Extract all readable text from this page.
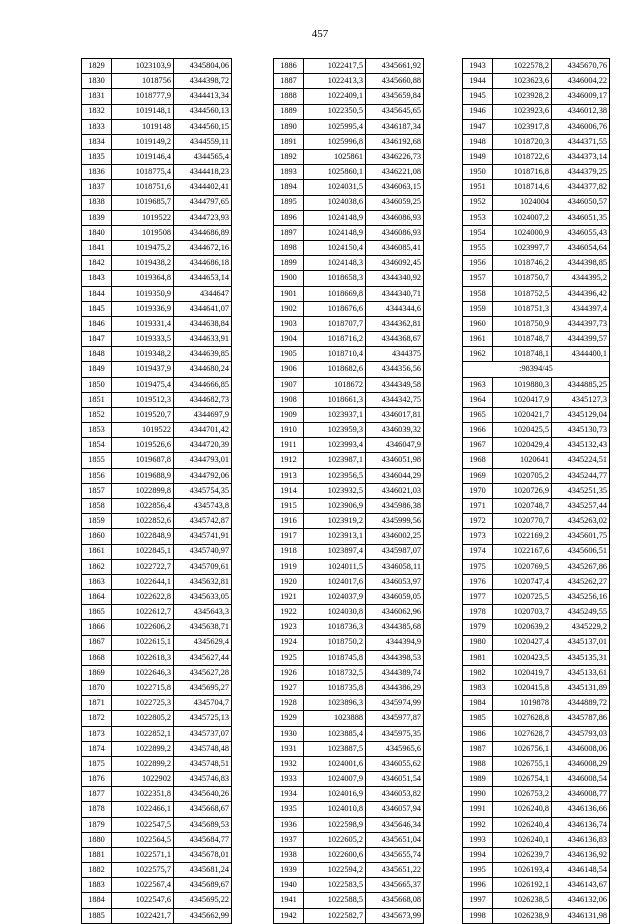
457
1829	1023103,9	4345804,06
1830	1018756	4344398,72
1831	1018777,9	4344413,34
1832	1019148,1	4344560,13
1833	1019148	4344560,15
1834	1019149,2	4344559,11
1835	1019146,4	4344565,4
1836	1018775,4	4344418,23
1837	1018751,6	4344402,41
1838	1019685,7	4344797,65
1839	1019522	4344723,93
1840	1019508	4344686,89
1841	1019475,2	4344672,16
1842	1019438,2	4344686,18
1843	1019364,8	4344653,14
1844	1019350,9	4344647
1845	1019336,9	4344641,07
1846	1019331,4	4344638,84
1847	1019333,5	4344633,91
1848	1019348,2	4344639,85
1849	1019437,9	4344680,24
1850	1019475,4	4344666,85
1851	1019512,3	4344682,73
1852	1019520,7	4344697,9
1853	1019522	4344701,42
1854	1019526,6	4344720,39
1855	1019687,8	4344793,01
1856	1019688,9	4344792,06
1857	1022899,8	4345754,35
1858	1022856,4	4345743,8
1859	1022852,6	4345742,87
1860	1022848,9	4345741,91
1861	1022845,1	4345740,97
1862	1022722,7	4345709,61
1863	1022644,1	4345632,81
1864	1022622,8	4345633,05
1865	1022612,7	4345643,3
1866	1022606,2	4345638,71
1867	1022615,1	4345629,4
1868	1022618,3	4345627,44
1869	1022646,3	4345627,28
1870	1022715,8	4345695,27
1871	1022725,3	4345704,7
1872	1022805,2	4345725,13
1873	1022852,1	4345737,07
1874	1022899,2	4345748,48
1875	1022899,2	4345748,51
1876	1022902	4345746,83
1877	1022351,8	4345640,26
1878	1022466,1	4345668,67
1879	1022547,5	4345689,53
1880	1022564,5	4345684,77
1881	1022571,1	4345678,01
1882	1022575,7	4345681,24
1883	1022567,4	4345689,67
1884	1022547,6	4345695,22
1885	1022421,7	4345662,99
1886	1022417,5	4345661,92
1887	1022413,3	4345660,88
1888	1022409,1	4345659,84
1889	1022350,5	4345645,65
1890	1025995,4	4346187,34
1891	1025996,8	4346192,68
1892	1025861	4346226,73
1893	1025860,1	4346221,08
1894	1024031,5	4346063,15
1895	1024038,6	4346059,25
1896	1024148,9	4346086,93
1897	1024148,9	4346086,93
1898	1024150,4	4346085,41
1899	1024148,3	4346092,45
1900	1018658,3	4344340,92
1901	1018669,8	4344340,71
1902	1018676,6	4344344,6
1903	1018707,7	4344362,81
1904	1018716,2	4344368,67
1905	1018710,4	4344375
1906	1018682,6	4344356,56
1907	1018672	4344349,58
1908	1018661,3	4344342,75
1909	1023937,1	4346017,81
1910	1023959,3	4346039,32
1911	1023993,4	4346047,9
1912	1023987,1	4346051,98
1913	1023956,5	4346044,29
1914	1023932,5	4346021,03
1915	1023906,9	4345986,38
1916	1023919,2	4345999,56
1917	1023913,1	4346002,25
1918	1023897,4	4345987,07
1919	1024011,5	4346058,11
1920	1024017,6	4346053,97
1921	1024037,9	4346059,05
1922	1024030,8	4346062,96
1923	1018736,3	4344385,68
1924	1018750,2	4344394,9
1925	1018745,8	4344398,53
1926	1018732,5	4344389,74
1927	1018735,8	4344386,29
1928	1023896,3	4345974,99
1929	1023888	4345977,87
1930	1023885,4	4345975,35
1931	1023887,5	4345965,6
1932	1024001,6	4346055,62
1933	1024007,9	4346051,54
1934	1024016,9	4346053,82
1935	1024010,8	4346057,94
1936	1022598,9	4345646,34
1937	1022605,2	4345651,04
1938	1022600,6	4345655,74
1939	1022594,2	4345651,22
1940	1022583,5	4345665,37
1941	1022588,5	4345668,08
1942	1022582,7	4345673,99
1943	1022578,2	4345670,76
1944	1023623,6	4346004,22
1945	1023928,2	4346009,17
1946	1023923,6	4346012,38
1947	1023917,8	4346006,76
1948	1018720,3	4344371,55
1949	1018722,6	4344373,14
1950	1018716,8	4344379,25
1951	1018714,6	4344377,82
1952	1024004	4346050,57
1953	1024007,2	4346051,35
1954	1024000,9	4346055,43
1955	1023997,7	4346054,64
1956	1018746,2	4344398,85
1957	1018750,7	4344395,2
1958	1018752,5	4344396,42
1959	1018751,3	4344397,4
1960	1018750,9	4344397,73
1961	1018748,7	4344399,57
1962	1018748,1	4344400,1
:98394/45		
1963	1019880,3	4344885,25
1964	1020417,9	4345127,3
1965	1020421,7	4345129,04
1966	1020425,5	4345130,73
1967	1020429,4	4345132,43
1968	1020641	4345224,51
1969	1020705,2	4345244,77
1970	1020726,9	4345251,35
1971	1020748,7	4345257,44
1972	1020770,7	4345263,02
1973	1022169,2	4345601,75
1974	1022167,6	4345606,51
1975	1020769,5	4345267,86
1976	1020747,4	4345262,27
1977	1020725,5	4345256,16
1978	1020703,7	4345249,55
1979	1020639,2	4345229,2
1980	1020427,4	4345137,01
1981	1020423,5	4345135,31
1982	1020419,7	4345133,61
1983	1020415,8	4345131,89
1984	1019878	4344889,72
1985	1027628,8	4345787,86
1986	1027628,7	4345793,03
1987	1026756,1	4346008,06
1988	1026755,1	4346008,29
1989	1026754,1	4346008,54
1990	1026753,2	4346008,77
1991	1026240,8	4346136,66
1992	1026240,4	4346136,74
1993	1026240,1	4346136,83
1994	1026239,7	4346136,92
1995	1026193,4	4346148,54
1996	1026192,1	4346143,67
1997	1026238,5	4346132,06
1998	1026238,9	4346131,98
